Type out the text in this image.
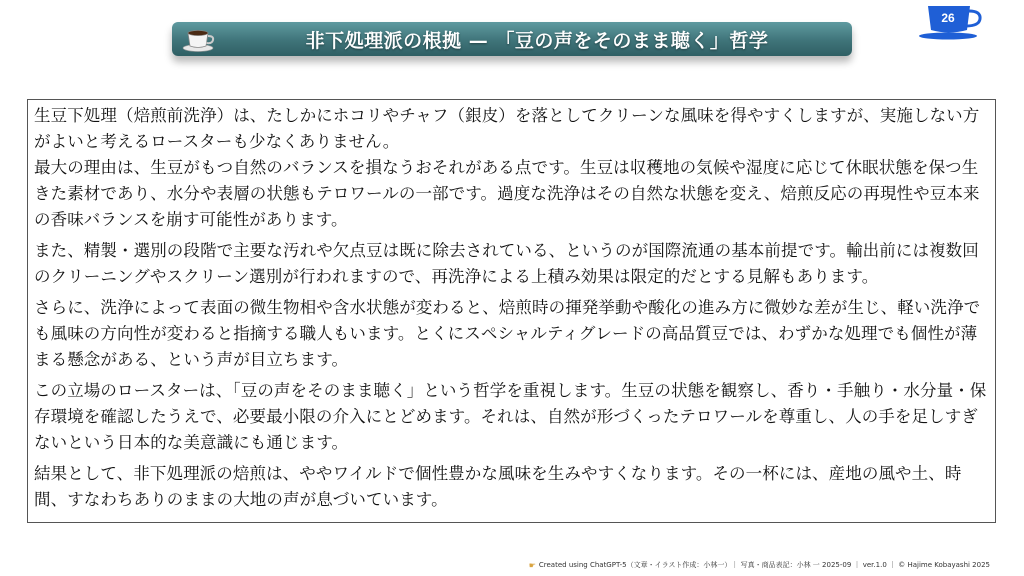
非下処理派の根拠 — 「豆の声をそのまま聴く」哲学
26

生豆下処理（焙煎前洗浄）は、たしかにホコリやチャフ（銀皮）を落としてクリーンな風味を得やすくしますが、実施しない方がよいと考えるロースターも少なくありません。

最大の理由は、生豆がもつ自然のバランスを損なうおそれがある点です。生豆は収穫地の気候や湿度に応じて休眠状態を保つ生きた素材であり、水分や表層の状態もテロワールの一部です。過度な洗浄はその自然な状態を変え、焙煎反応の再現性や豆本来の香味バランスを崩す可能性があります。

また、精製・選別の段階で主要な汚れや欠点豆は既に除去されている、というのが国際流通の基本前提です。輸出前には複数回のクリーニングやスクリーン選別が行われますので、再洗浄による上積み効果は限定的だとする見解もあります。

さらに、洗浄によって表面の微生物相や含水状態が変わると、焙煎時の揮発挙動や酸化の進み方に微妙な差が生じ、軽い洗浄でも風味の方向性が変わると指摘する職人もいます。とくにスペシャルティグレードの高品質豆では、わずかな処理でも個性が薄まる懸念がある、という声が目立ちます。

この立場のロースターは、「豆の声をそのまま聴く」という哲学を重視します。生豆の状態を観察し、香り・手触り・水分量・保存環境を確認したうえで、必要最小限の介入にとどめます。それは、自然が形づくったテロワールを尊重し、人の手を足しすぎないという日本的な美意識にも通じます。

結果として、非下処理派の焙煎は、ややワイルドで個性豊かな風味を生みやすくなります。その一杯には、産地の風や土、時間、すなわちありのままの大地の声が息づいています。

☛ Created using ChatGPT-5（文章・イラスト作成：小林一）｜ 写真・商品表記：小林 一 2025-09 ｜ ver.1.0 ｜ © Hajime Kobayashi 2025
